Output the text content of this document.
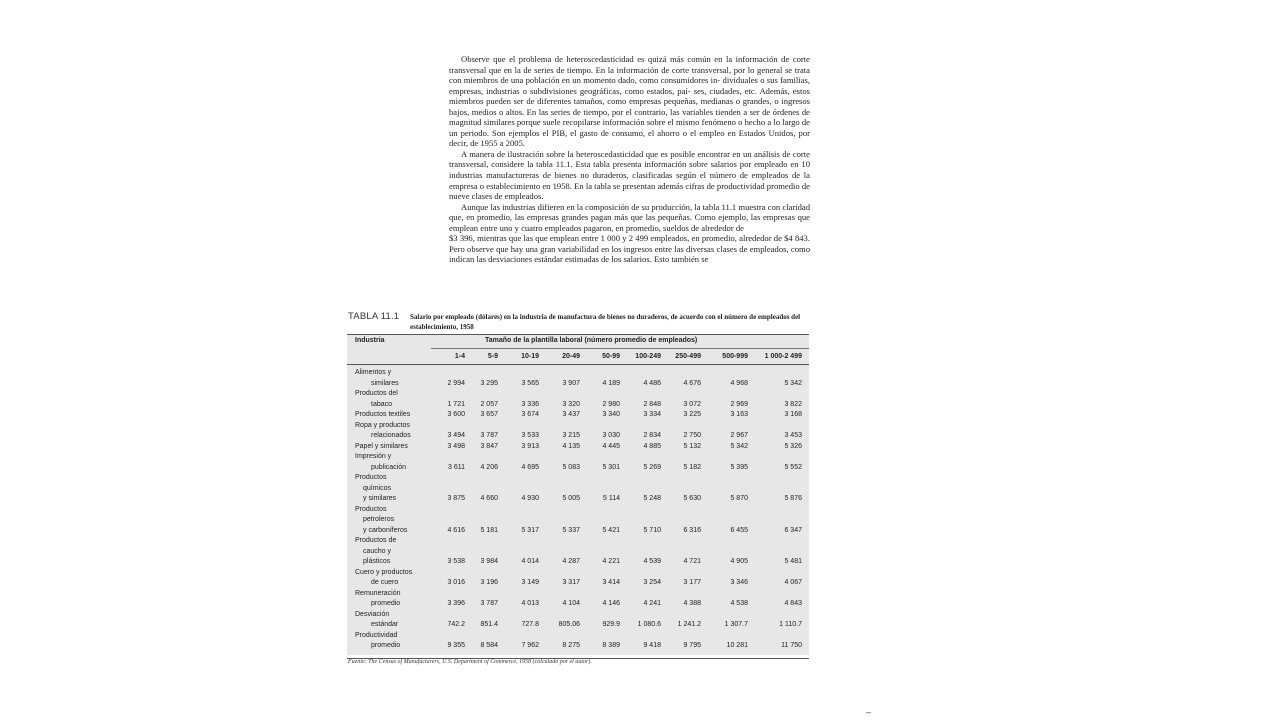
Observe que el problema de heteroscedasticidad es quizá más común en la información de corte transversal que en la de series de tiempo. En la información de corte transversal, por lo general se trata con miembros de una población en un momento dado, como consumidores in- dividuales o sus familias, empresas, industrias o subdivisiones geográficas, como estados, paí- ses, ciudades, etc. Además, estos miembros pueden ser de diferentes tamaños, como empresas pequeñas, medianas o grandes, o ingresos bajos, medios o altos. En las series de tiempo, por el contrario, las variables tienden a ser de órdenes de magnitud similares porque suele recopilarse información sobre el mismo fenómeno o hecho a lo largo de un periodo. Son ejemplos el PIB, el gasto de consumo, el ahorro o el empleo en Estados Unidos, por decir, de 1955 a 2005.

A manera de ilustración sobre la heteroscedasticidad que es posible encontrar en un análisis de corte transversal, considere la tabla 11.1. Esta tabla presenta información sobre salarios por empleado en 10 industrias manufactureras de bienes no duraderos, clasificadas según el número de empleados de la empresa o establecimiento en 1958. En la tabla se presentan además cifras de productividad promedio de nueve clases de empleados.

Aunque las industrias difieren en la composición de su producción, la tabla 11.1 muestra con claridad que, en promedio, las empresas grandes pagan más que las pequeñas. Como ejemplo, las empresas que emplean entre uno y cuatro empleados pagaron, en promedio, sueldos de alrededor de

$3 396, mientras que las que emplean entre 1 000 y 2 499 empleados, en promedio, alrededor de $4 843. Pero observe que hay una gran variabilidad en los ingresos entre las diversas clases de empleados, como indican las desviaciones estándar estimadas de los salarios. Esto también se

TABLA 11.1 Salario por empleado (dólares) en la industria de manufactura de bienes no duraderos, de acuerdo con el número de empleados del establecimiento, 1958
Industria	Tamaño de la plantilla laboral (número promedio de empleados)
1-4	5-9	10-19	20-49	50-99	100-249	250-499	500-999	1 000-2 499
Alimentos y
similares	2 994	3 295	3 565	3 907	4 189	4 486	4 676	4 968	5 342
Productos del
tabaco	1 721	2 057	3 336	3 320	2 980	2 848	3 072	2 969	3 822
Productos textiles	3 600	3 657	3 674	3 437	3 340	3 334	3 225	3 163	3 168
Ropa y productos
relacionados	3 494	3 787	3 533	3 215	3 030	2 834	2 750	2 967	3 453
Papel y similares	3 498	3 847	3 913	4 135	4 445	4 885	5 132	5 342	5 326
Impresión y
publicación	3 611	4 206	4 695	5 083	5 301	5 269	5 182	5 395	5 552
Productos
químicos
y similares	3 875	4 660	4 930	5 005	5 114	5 248	5 630	5 870	5 876
Productos
petroleros
y carboníferos	4 616	5 181	5 317	5 337	5 421	5 710	6 316	6 455	6 347
Productos de
caucho y
plásticos	3 538	3 984	4 014	4 287	4 221	4 539	4 721	4 905	5 481
Cuero y productos
de cuero	3 016	3 196	3 149	3 317	3 414	3 254	3 177	3 346	4 067
Remuneración
promedio	3 396	3 787	4 013	4 104	4 146	4 241	4 388	4 538	4 843
Desviación
estándar	742.2	851.4	727.8	805.06	929.9	1 080.6	1 241.2	1 307.7	1 110.7
Productividad
promedio	9 355	8 584	7 962	8 275	8 389	9 418	9 795	10 281	11 750
Fuente: The Census of Manufacturers, U.S. Department of Commerce, 1958 (calculado por el autor).
–
